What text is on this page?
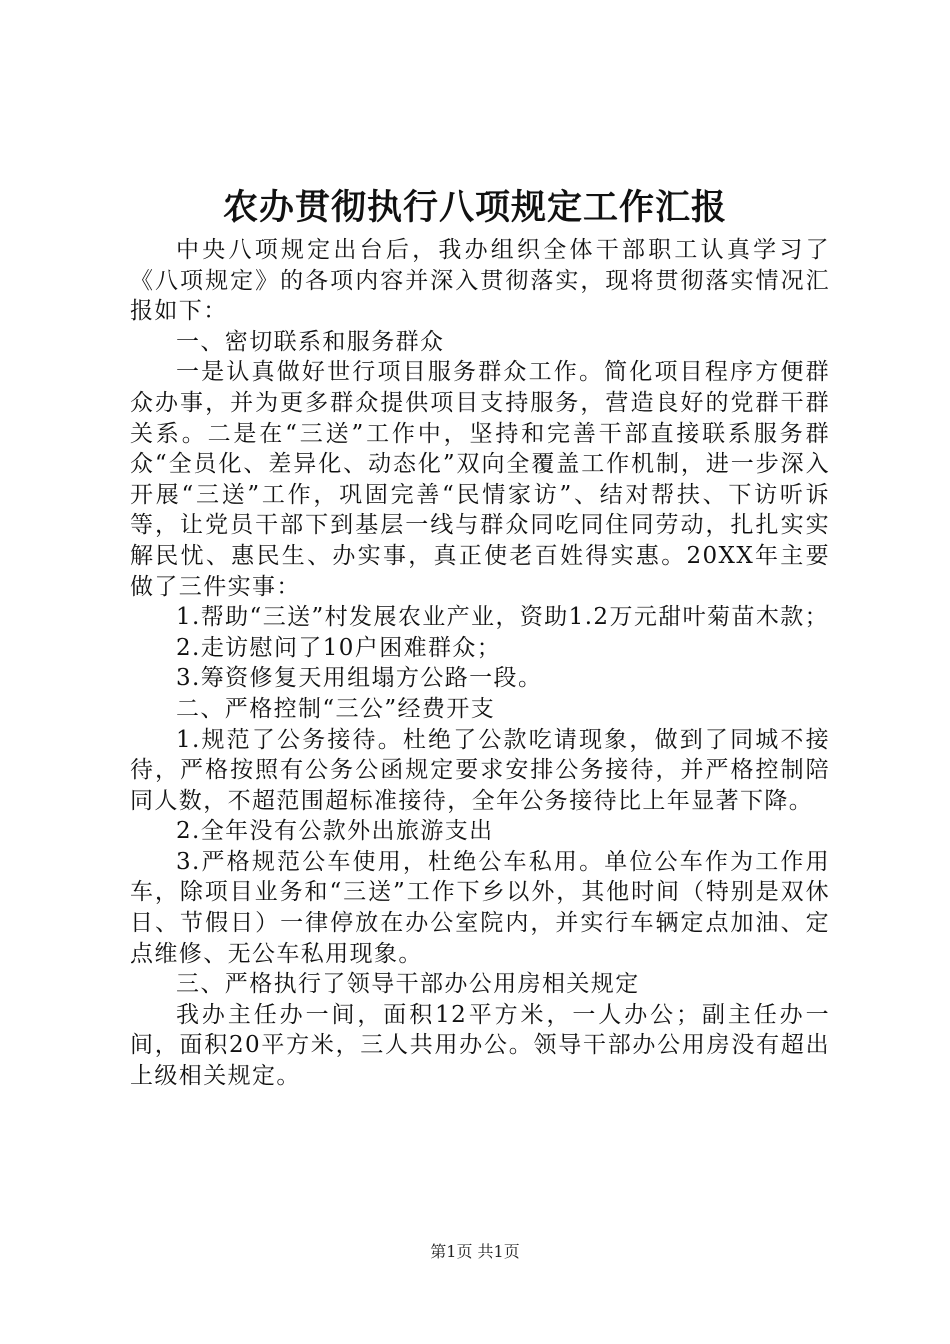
农办贯彻执行八项规定工作汇报

中央八项规定出台后，我办组织全体干部职工认真学习了《八项规定》的各项内容并深入贯彻落实，现将贯彻落实情况汇报如下：

一、密切联系和服务群众

一是认真做好世行项目服务群众工作。简化项目程序方便群众办事，并为更多群众提供项目支持服务，营造良好的党群干群关系。二是在“三送”工作中，坚持和完善干部直接联系服务群众“全员化、差异化、动态化”双向全覆盖工作机制，进一步深入开展“三送”工作，巩固完善“民情家访”、结对帮扶、下访听诉等，让党员干部下到基层一线与群众同吃同住同劳动，扎扎实实解民忧、惠民生、办实事，真正使老百姓得实惠。20XX年主要做了三件实事：

1.帮助“三送”村发展农业产业，资助1.2万元甜叶菊苗木款；

2.走访慰问了10户困难群众；

3.筹资修复天用组塌方公路一段。

二、严格控制“三公”经费开支

1.规范了公务接待。杜绝了公款吃请现象，做到了同城不接待，严格按照有公务公函规定要求安排公务接待，并严格控制陪同人数，不超范围超标准接待，全年公务接待比上年显著下降。

2.全年没有公款外出旅游支出

3.严格规范公车使用，杜绝公车私用。单位公车作为工作用车，除项目业务和“三送”工作下乡以外，其他时间（特别是双休日、节假日）一律停放在办公室院内，并实行车辆定点加油、定点维修、无公车私用现象。

三、严格执行了领导干部办公用房相关规定

我办主任办一间，面积12平方米，一人办公；副主任办一间，面积20平方米，三人共用办公。领导干部办公用房没有超出上级相关规定。

第1页 共1页
